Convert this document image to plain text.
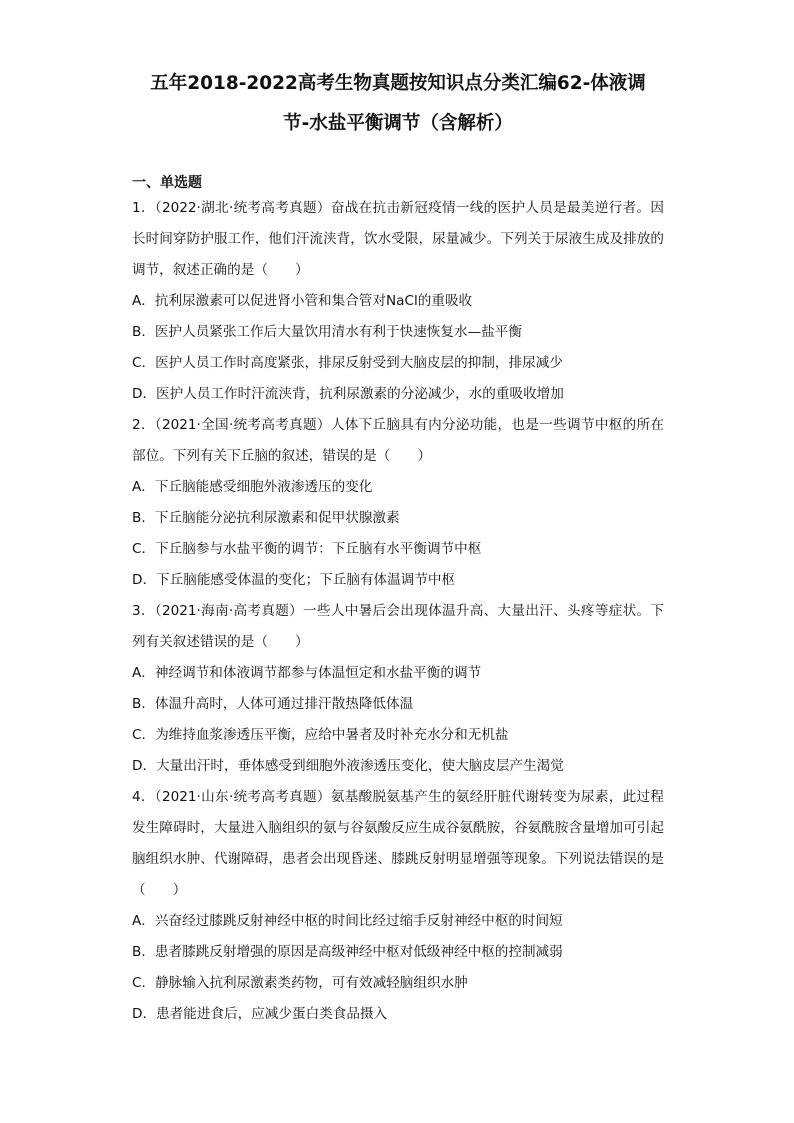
五年2018-2022高考生物真题按知识点分类汇编62-体液调
节-水盐平衡调节（含解析）
一、单选题
1．（2022·湖北·统考高考真题）奋战在抗击新冠疫情一线的医护人员是最美逆行者。因长时间穿防护服工作，他们汗流浃背，饮水受限，尿量减少。下列关于尿液生成及排放的调节，叙述正确的是（　　）
A．抗利尿激素可以促进肾小管和集合管对NaCl的重吸收
B．医护人员紧张工作后大量饮用清水有利于快速恢复水—盐平衡
C．医护人员工作时高度紧张，排尿反射受到大脑皮层的抑制，排尿减少
D．医护人员工作时汗流浃背，抗利尿激素的分泌减少，水的重吸收增加
2．（2021·全国·统考高考真题）人体下丘脑具有内分泌功能，也是一些调节中枢的所在部位。下列有关下丘脑的叙述，错误的是（　　）
A．下丘脑能感受细胞外液渗透压的变化
B．下丘脑能分泌抗利尿激素和促甲状腺激素
C．下丘脑参与水盐平衡的调节：下丘脑有水平衡调节中枢
D．下丘脑能感受体温的变化；下丘脑有体温调节中枢
3．（2021·海南·高考真题）一些人中暑后会出现体温升高、大量出汗、头疼等症状。下列有关叙述错误的是（　　）
A．神经调节和体液调节都参与体温恒定和水盐平衡的调节
B．体温升高时，人体可通过排汗散热降低体温
C．为维持血浆渗透压平衡，应给中暑者及时补充水分和无机盐
D．大量出汗时，垂体感受到细胞外液渗透压变化，使大脑皮层产生渴觉
4．（2021·山东·统考高考真题）氨基酸脱氨基产生的氨经肝脏代谢转变为尿素，此过程发生障碍时，大量进入脑组织的氨与谷氨酸反应生成谷氨酰胺，谷氨酰胺含量增加可引起脑组织水肿、代谢障碍，患者会出现昏迷、膝跳反射明显增强等现象。下列说法错误的是（　　）
A．兴奋经过膝跳反射神经中枢的时间比经过缩手反射神经中枢的时间短
B．患者膝跳反射增强的原因是高级神经中枢对低级神经中枢的控制减弱
C．静脉输入抗利尿激素类药物，可有效减轻脑组织水肿
D．患者能进食后，应减少蛋白类食品摄入
